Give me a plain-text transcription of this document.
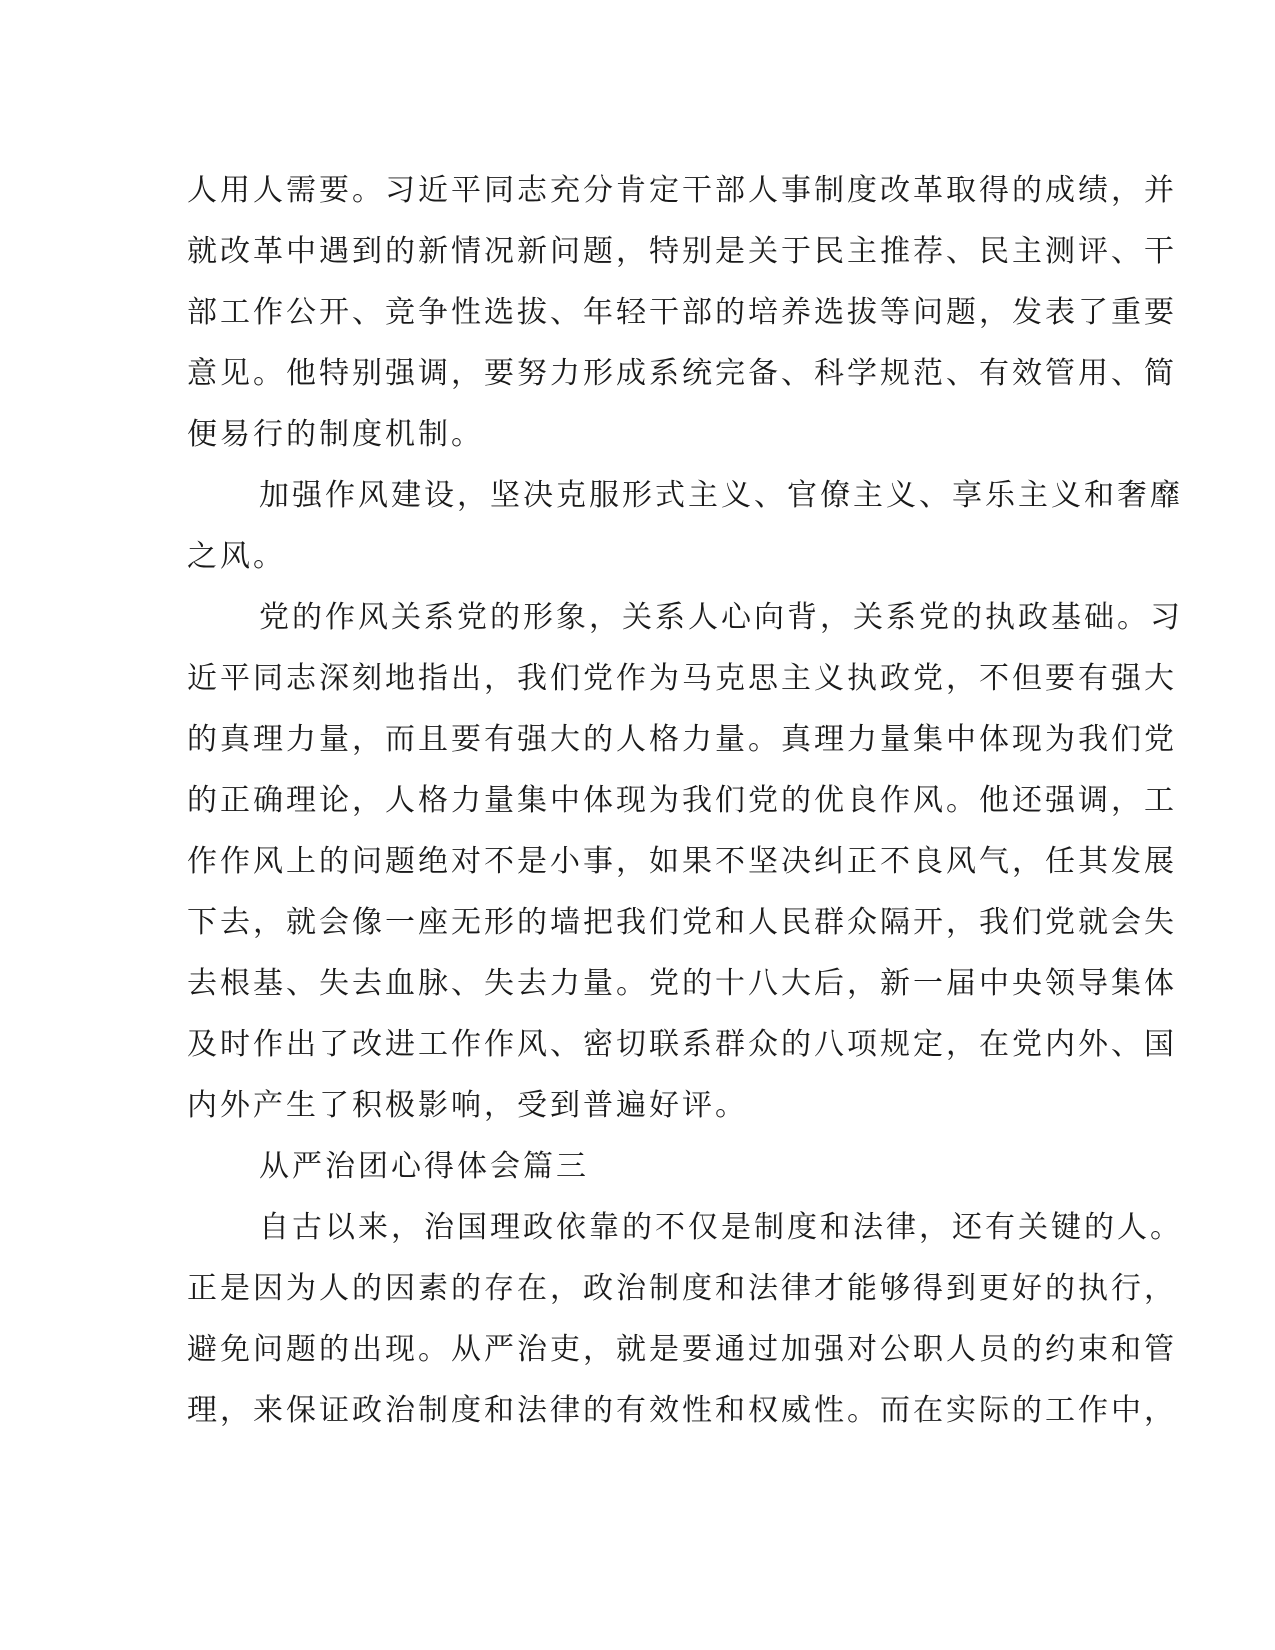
人用人需要。习近平同志充分肯定干部人事制度改革取得的成绩，并
就改革中遇到的新情况新问题，特别是关于民主推荐、民主测评、干
部工作公开、竞争性选拔、年轻干部的培养选拔等问题，发表了重要
意见。他特别强调，要努力形成系统完备、科学规范、有效管用、简
便易行的制度机制。
加强作风建设，坚决克服形式主义、官僚主义、享乐主义和奢靡
之风。
党的作风关系党的形象，关系人心向背，关系党的执政基础。习
近平同志深刻地指出，我们党作为马克思主义执政党，不但要有强大
的真理力量，而且要有强大的人格力量。真理力量集中体现为我们党
的正确理论，人格力量集中体现为我们党的优良作风。他还强调，工
作作风上的问题绝对不是小事，如果不坚决纠正不良风气，任其发展
下去，就会像一座无形的墙把我们党和人民群众隔开，我们党就会失
去根基、失去血脉、失去力量。党的十八大后，新一届中央领导集体
及时作出了改进工作作风、密切联系群众的八项规定，在党内外、国
内外产生了积极影响，受到普遍好评。
从严治团心得体会篇三
自古以来，治国理政依靠的不仅是制度和法律，还有关键的人。
正是因为人的因素的存在，政治制度和法律才能够得到更好的执行，
避免问题的出现。从严治吏，就是要通过加强对公职人员的约束和管
理，来保证政治制度和法律的有效性和权威性。而在实际的工作中，
